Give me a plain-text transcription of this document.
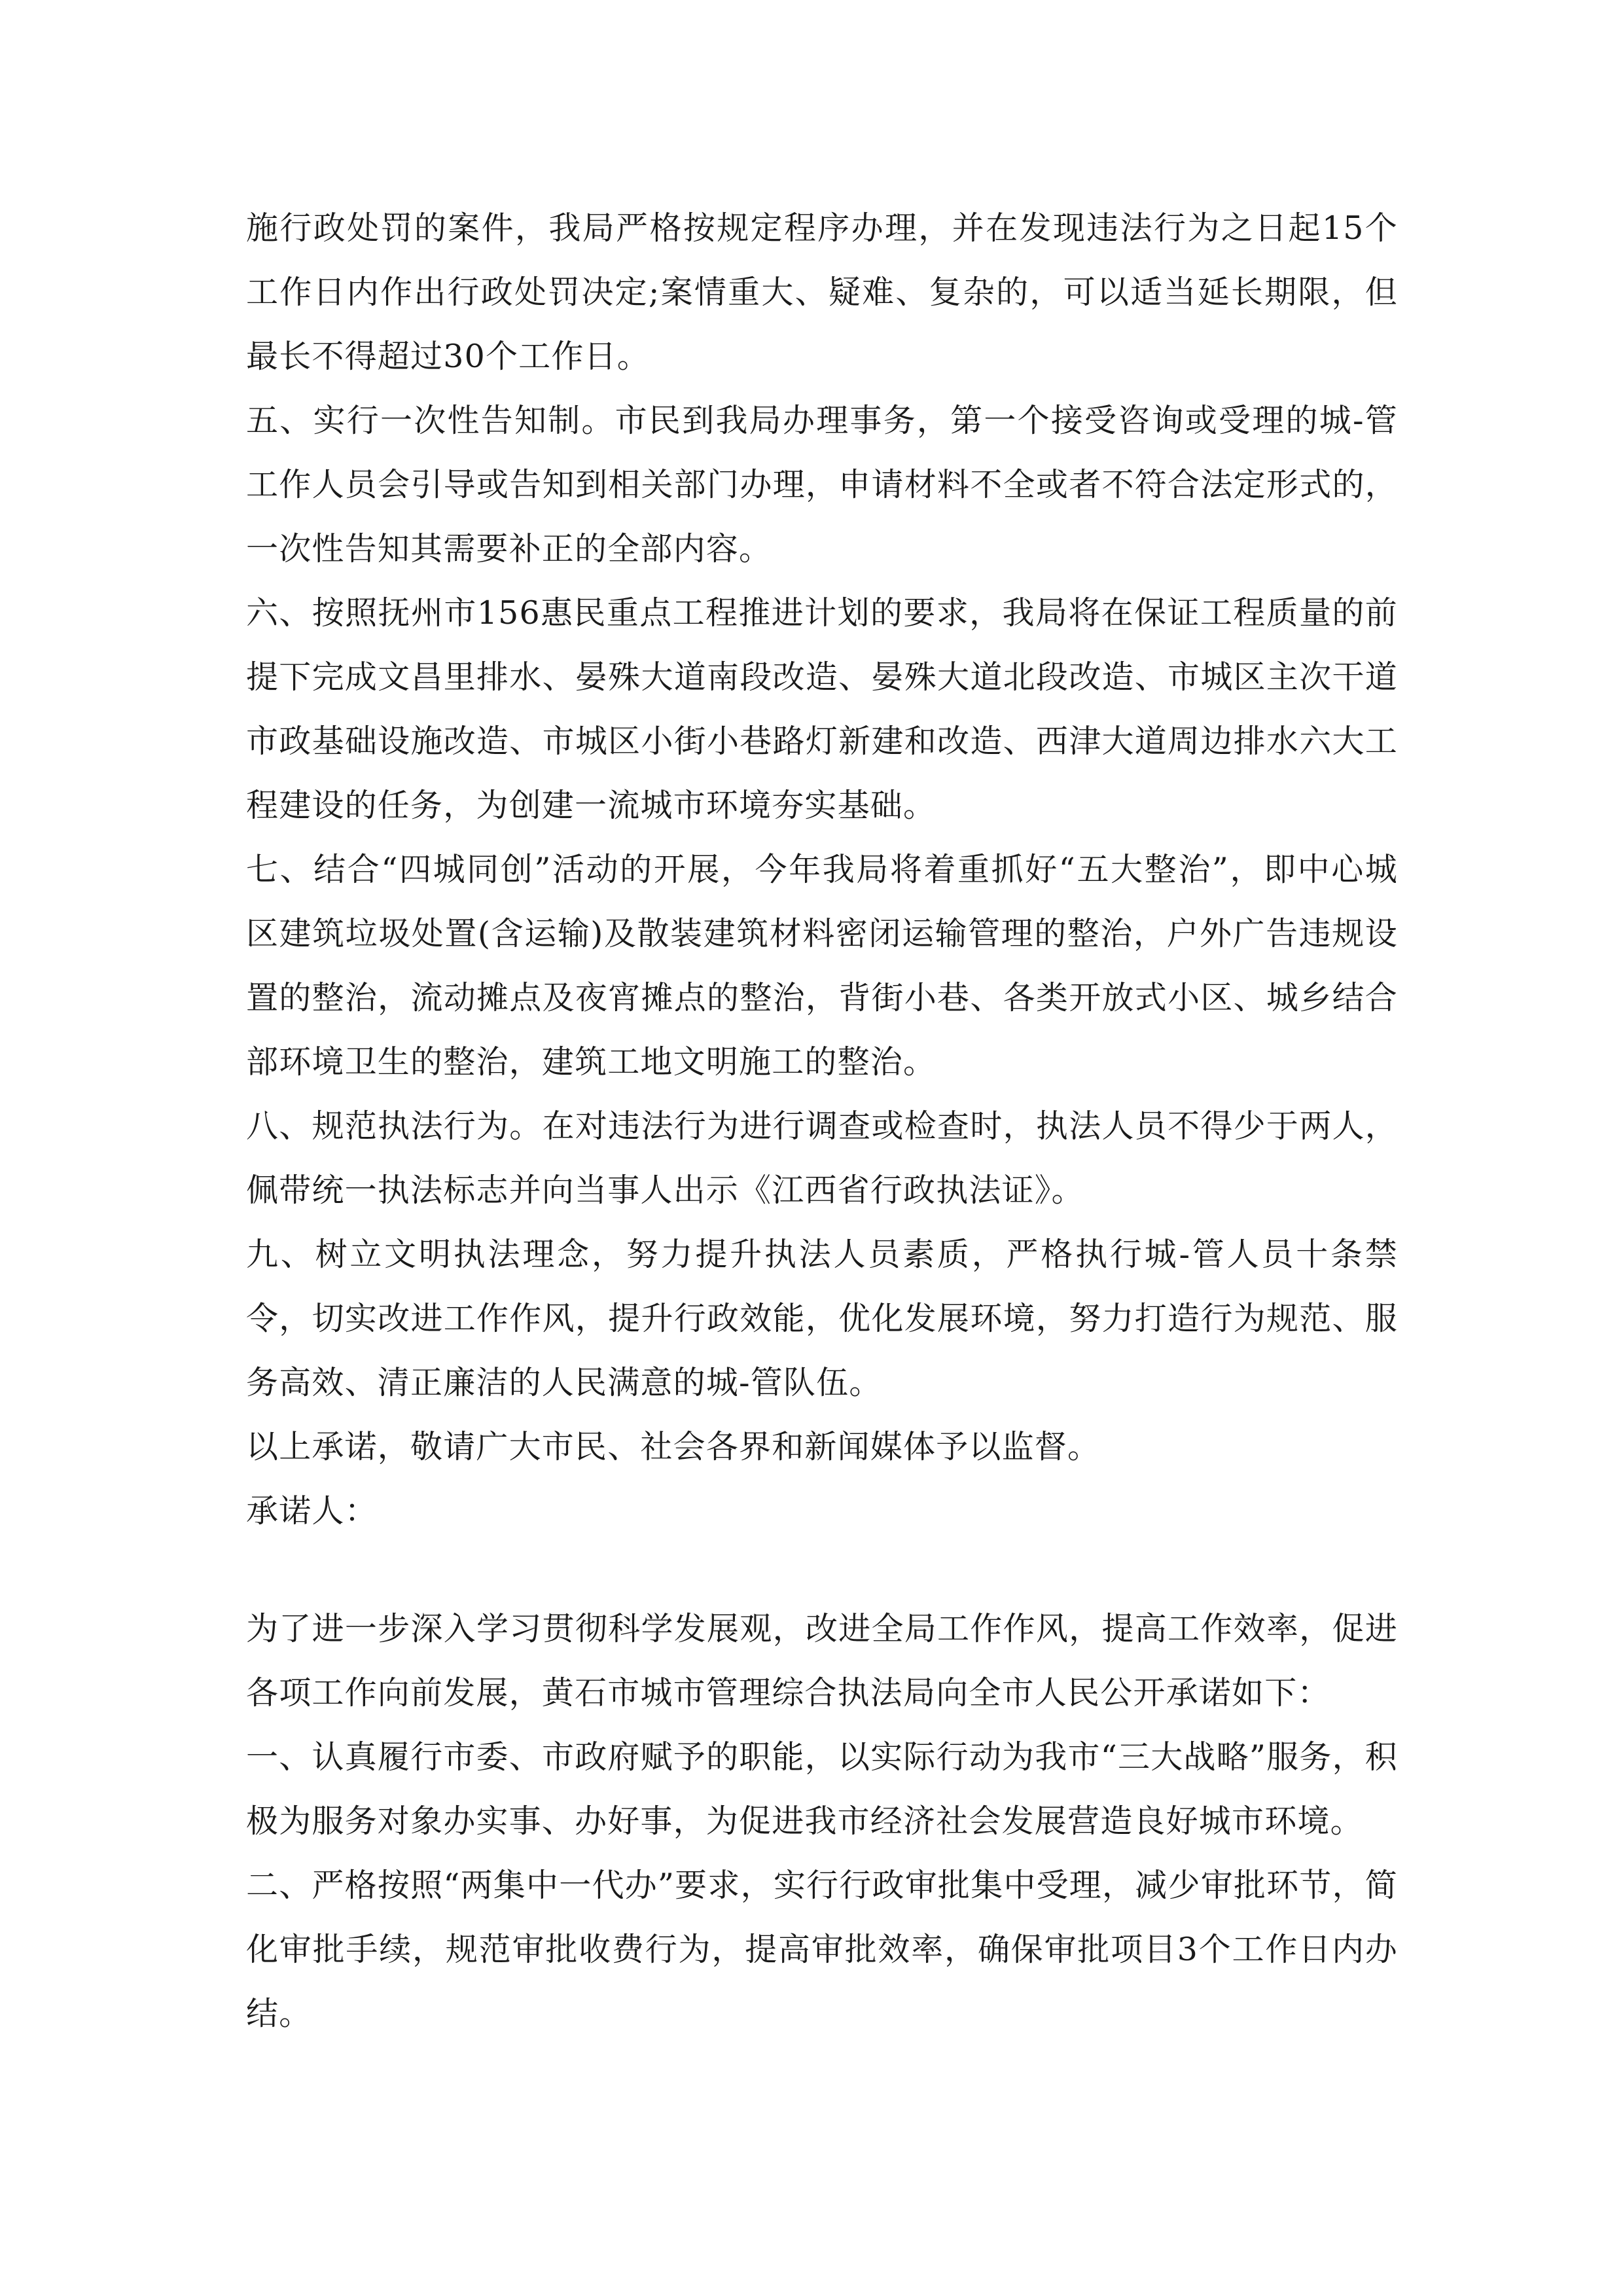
施行政处罚的案件，我局严格按规定程序办理，并在发现违法行为之日起15个工作日内作出行政处罚决定;案情重大、疑难、复杂的，可以适当延长期限，但最长不得超过30个工作日。

五、实行一次性告知制。市民到我局办理事务，第一个接受咨询或受理的城-管工作人员会引导或告知到相关部门办理，申请材料不全或者不符合法定形式的，一次性告知其需要补正的全部内容。

六、按照抚州市156惠民重点工程推进计划的要求，我局将在保证工程质量的前提下完成文昌里排水、晏殊大道南段改造、晏殊大道北段改造、市城区主次干道市政基础设施改造、市城区小街小巷路灯新建和改造、西津大道周边排水六大工程建设的任务，为创建一流城市环境夯实基础。

七、结合“四城同创”活动的开展，今年我局将着重抓好“五大整治”，即中心城区建筑垃圾处置(含运输)及散装建筑材料密闭运输管理的整治，户外广告违规设置的整治，流动摊点及夜宵摊点的整治，背街小巷、各类开放式小区、城乡结合部环境卫生的整治，建筑工地文明施工的整治。

八、规范执法行为。在对违法行为进行调查或检查时，执法人员不得少于两人，佩带统一执法标志并向当事人出示《江西省行政执法证》。

九、树立文明执法理念，努力提升执法人员素质，严格执行城-管人员十条禁令，切实改进工作作风，提升行政效能，优化发展环境，努力打造行为规范、服务高效、清正廉洁的人民满意的城-管队伍。

以上承诺，敬请广大市民、社会各界和新闻媒体予以监督。

承诺人：

为了进一步深入学习贯彻科学发展观，改进全局工作作风，提高工作效率，促进各项工作向前发展，黄石市城市管理综合执法局向全市人民公开承诺如下：

一、认真履行市委、市政府赋予的职能，以实际行动为我市“三大战略”服务，积极为服务对象办实事、办好事，为促进我市经济社会发展营造良好城市环境。

二、严格按照“两集中一代办”要求，实行行政审批集中受理，减少审批环节，简化审批手续，规范审批收费行为，提高审批效率，确保审批项目3个工作日内办结。
